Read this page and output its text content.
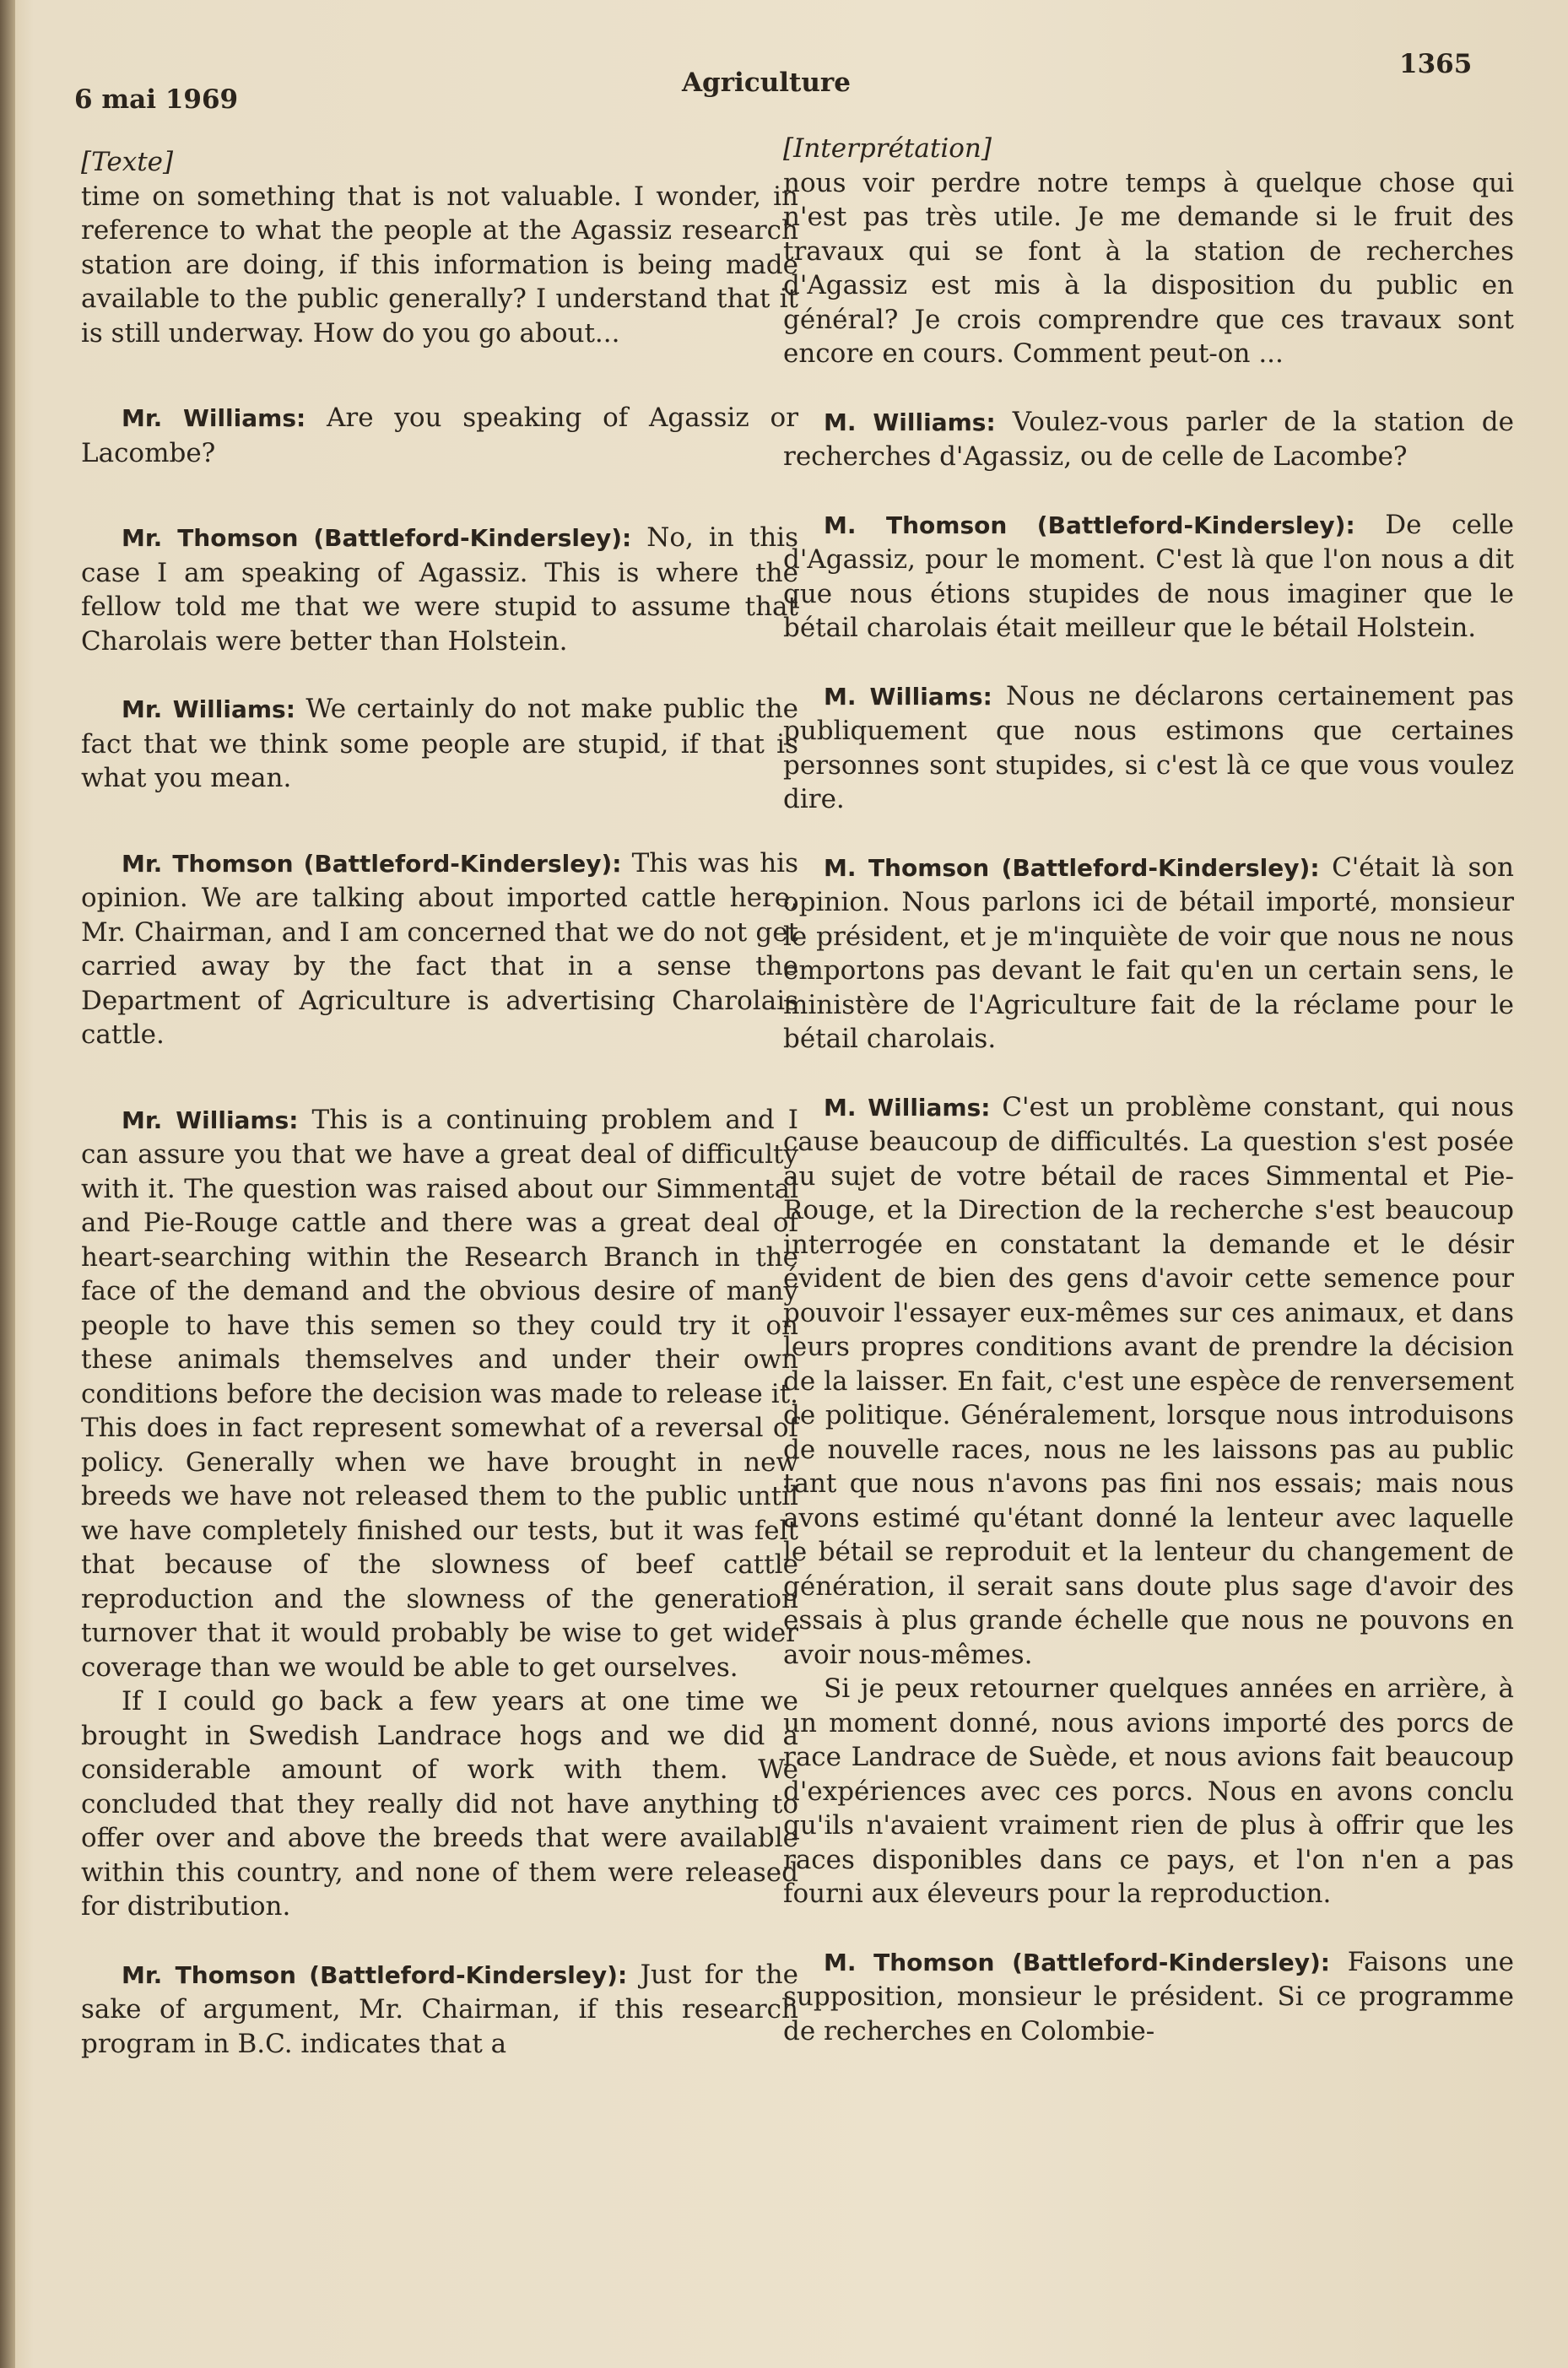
6 mai 1969
Agriculture
1365
[Texte]

time on something that is not valuable. I wonder, in reference to what the people at the Agassiz research station are doing, if this information is being made available to the public generally? I understand that it is still underway. How do you go about...

Mr. Williams: Are you speaking of Agassiz or Lacombe?

Mr. Thomson (Battleford-Kindersley): No, in this case I am speaking of Agassiz. This is where the fellow told me that we were stupid to assume that Charolais were better than Holstein.

Mr. Williams: We certainly do not make public the fact that we think some people are stupid, if that is what you mean.

Mr. Thomson (Battleford-Kindersley): This was his opinion. We are talking about imported cattle here, Mr. Chairman, and I am concerned that we do not get carried away by the fact that in a sense the Department of Agriculture is advertising Charolais cattle.

Mr. Williams: This is a continuing problem and I can assure you that we have a great deal of difficulty with it. The question was raised about our Simmental and Pie-Rouge cattle and there was a great deal of heart-searching within the Research Branch in the face of the demand and the obvious desire of many people to have this semen so they could try it on these animals themselves and under their own conditions before the decision was made to release it. This does in fact represent somewhat of a reversal of policy. Generally when we have brought in new breeds we have not released them to the public until we have completely finished our tests, but it was felt that because of the slowness of beef cattle reproduction and the slowness of the generation turnover that it would probably be wise to get wider coverage than we would be able to get ourselves.

If I could go back a few years at one time we brought in Swedish Landrace hogs and we did a considerable amount of work with them. We concluded that they really did not have anything to offer over and above the breeds that were available within this country, and none of them were released for distribution.

Mr. Thomson (Battleford-Kindersley): Just for the sake of argument, Mr. Chairman, if this research program in B.C. indicates that a

[Interprétation]

nous voir perdre notre temps à quelque chose qui n'est pas très utile. Je me demande si le fruit des travaux qui se font à la station de recherches d'Agassiz est mis à la disposition du public en général? Je crois comprendre que ces travaux sont encore en cours. Comment peut-on ...

M. Williams: Voulez-vous parler de la station de recherches d'Agassiz, ou de celle de Lacombe?

M. Thomson (Battleford-Kindersley): De celle d'Agassiz, pour le moment. C'est là que l'on nous a dit que nous étions stupides de nous imaginer que le bétail charolais était meilleur que le bétail Holstein.

M. Williams: Nous ne déclarons certainement pas publiquement que nous estimons que certaines personnes sont stupides, si c'est là ce que vous voulez dire.

M. Thomson (Battleford-Kindersley): C'était là son opinion. Nous parlons ici de bétail importé, monsieur le président, et je m'inquiète de voir que nous ne nous emportons pas devant le fait qu'en un certain sens, le ministère de l'Agriculture fait de la réclame pour le bétail charolais.

M. Williams: C'est un problème constant, qui nous cause beaucoup de difficultés. La question s'est posée au sujet de votre bétail de races Simmental et Pie-Rouge, et la Direction de la recherche s'est beaucoup interrogée en constatant la demande et le désir évident de bien des gens d'avoir cette semence pour pouvoir l'essayer eux-mêmes sur ces animaux, et dans leurs propres conditions avant de prendre la décision de la laisser. En fait, c'est une espèce de renversement de politique. Généralement, lorsque nous introduisons de nouvelle races, nous ne les laissons pas au public tant que nous n'avons pas fini nos essais; mais nous avons estimé qu'étant donné la lenteur avec laquelle le bétail se reproduit et la lenteur du changement de génération, il serait sans doute plus sage d'avoir des essais à plus grande échelle que nous ne pouvons en avoir nous-mêmes.

Si je peux retourner quelques années en arrière, à un moment donné, nous avions importé des porcs de race Landrace de Suède, et nous avions fait beaucoup d'expériences avec ces porcs. Nous en avons conclu qu'ils n'avaient vraiment rien de plus à offrir que les races disponibles dans ce pays, et l'on n'en a pas fourni aux éleveurs pour la reproduction.

M. Thomson (Battleford-Kindersley): Faisons une supposition, monsieur le président. Si ce programme de recherches en Colombie-
